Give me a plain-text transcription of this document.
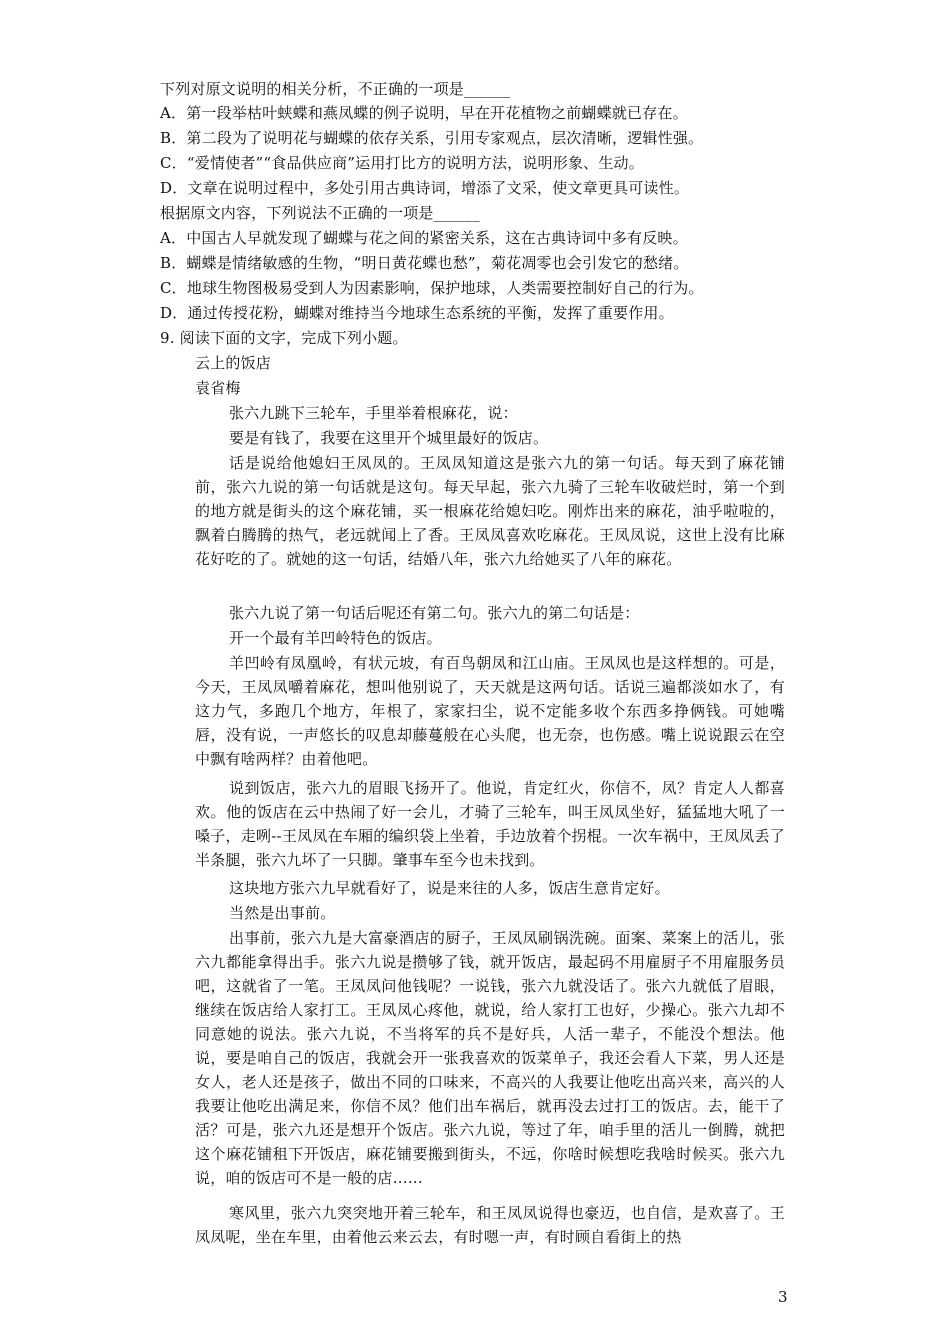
下列对原文说明的相关分析，不正确的一项是______
A．第一段举枯叶蛱蝶和燕凤蝶的例子说明，早在开花植物之前蝴蝶就已存在。
B．第二段为了说明花与蝴蝶的依存关系，引用专家观点，层次清晰，逻辑性强。
C．“爱情使者”“食品供应商”运用打比方的说明方法，说明形象、生动。
D．文章在说明过程中，多处引用古典诗词，增添了文采，使文章更具可读性。
根据原文内容，下列说法不正确的一项是______
A．中国古人早就发现了蝴蝶与花之间的紧密关系，这在古典诗词中多有反映。
B．蝴蝶是情绪敏感的生物，“明日黄花蝶也愁”，菊花凋零也会引发它的愁绪。
C．地球生物图极易受到人为因素影响，保护地球，人类需要控制好自己的行为。
D．通过传授花粉，蝴蝶对维持当今地球生态系统的平衡，发挥了重要作用。
9. 阅读下面的文字，完成下列小题。
云上的饭店
袁省梅
张六九跳下三轮车，手里举着根麻花，说：
要是有钱了，我要在这里开个城里最好的饭店。
话是说给他媳妇王凤凤的。王凤凤知道这是张六九的第一句话。每天到了麻花铺前，张六九说的第一句话就是这句。每天早起，张六九骑了三轮车收破烂时，第一个到的地方就是街头的这个麻花铺，买一根麻花给媳妇吃。刚炸出来的麻花，油乎啦啦的，飘着白腾腾的热气，老远就闻上了香。王凤凤喜欢吃麻花。王凤凤说，这世上没有比麻花好吃的了。就她的这一句话，结婚八年，张六九给她买了八年的麻花。
张六九说了第一句话后呢还有第二句。张六九的第二句话是：
开一个最有羊凹岭特色的饭店。
羊凹岭有凤凰岭，有状元坡，有百鸟朝凤和江山庙。王凤凤也是这样想的。可是，今天，王凤凤嚼着麻花，想叫他别说了，天天就是这两句话。话说三遍都淡如水了，有这力气，多跑几个地方，年根了，家家扫尘，说不定能多收个东西多挣俩钱。可她嘴唇，没有说，一声悠长的叹息却藤蔓般在心头爬，也无奈，也伤感。嘴上说说跟云在空中飘有啥两样？由着他吧。
说到饭店，张六九的眉眼飞扬开了。他说，肯定红火，你信不，凤？肯定人人都喜欢。他的饭店在云中热闹了好一会儿，才骑了三轮车，叫王凤凤坐好，猛猛地大吼了一嗓子，走咧--王凤凤在车厢的编织袋上坐着，手边放着个拐棍。一次车祸中，王凤凤丢了半条腿，张六九坏了一只脚。肇事车至今也未找到。
这块地方张六九早就看好了，说是来往的人多，饭店生意肯定好。
当然是出事前。
出事前，张六九是大富豪酒店的厨子，王凤凤刷锅洗碗。面案、菜案上的活儿，张六九都能拿得出手。张六九说是攒够了钱，就开饭店，最起码不用雇厨子不用雇服务员吧，这就省了一笔。王凤凤问他钱呢？一说钱，张六九就没话了。张六九就低了眉眼，继续在饭店给人家打工。王凤凤心疼他，就说，给人家打工也好，少操心。张六九却不同意她的说法。张六九说，不当将军的兵不是好兵，人活一辈子，不能没个想法。他说，要是咱自己的饭店，我就会开一张我喜欢的饭菜单子，我还会看人下菜，男人还是女人，老人还是孩子，做出不同的口味来，不高兴的人我要让他吃出高兴来，高兴的人我要让他吃出满足来，你信不凤？他们出车祸后，就再没去过打工的饭店。去，能干了活？可是，张六九还是想开个饭店。张六九说，等过了年，咱手里的活儿一倒腾，就把这个麻花铺租下开饭店，麻花铺要搬到街头，不远，你啥时候想吃我啥时候买。张六九说，咱的饭店可不是一般的店……
寒风里，张六九突突地开着三轮车，和王凤凤说得也豪迈，也自信，是欢喜了。王凤凤呢，坐在车里，由着他云来云去，有时嗯一声，有时顾自看街上的热
3
